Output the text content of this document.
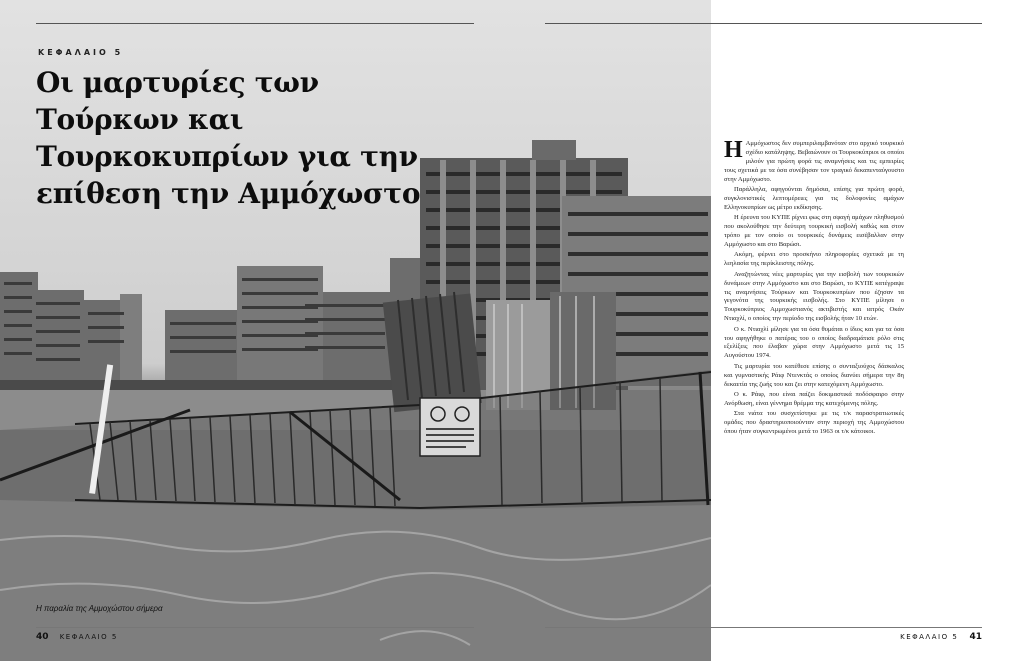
ΚΕΦΑΛΑΙΟ 5
Οι μαρτυρίες των Τούρκων και Τουρκοκυπρίων για την επίθεση την Αμμόχωστο
Η παραλία της Αμμοχώστου σήμερα
40 ΚΕΦΑΛΑΙΟ 5	ΚΕΦΑΛΑΙΟ 5 41

Η Αμμόχωστος δεν συμπεριλαμβανόταν στο αρχικό τουρκικό σχέδιο κατάληψης. Βεβαιώνουν οι Τουρκοκύπριοι οι οποίοι μιλούν για πρώτη φορά τις αναμνήσεις και τις εμπειρίες τους σχετικά με τα όσα συνέβησαν τον τραγικό δεκαπενταύγουστο στην Αμμόχωστο.

Παράλληλα, αφηγούνται δημόσια, επίσης για πρώτη φορά, συγκλονιστικές λεπτομέρειες για τις δολοφονίες αμάχων Ελληνοκυπρίων ως μέτρο εκδίκησης.

Η έρευνα του ΚΥΠΕ ρίχνει φως στη σφαγή αμάχων πληθυσμού που ακολούθησε την δεύτερη τουρκική εισβολή καθώς και στον τρόπο με τον οποίο οι τουρκικές δυνάμεις εισέβαλλαν στην Αμμόχωστο και στο Βαρώσι.

Ακόμη, φέρνει στο προσκήνιο πληροφορίες σχετικά με τη λεηλασία της περίκλειστης πόλης.

Αναζητώντας νέες μαρτυρίες για την εισβολή των τουρκικών δυνάμεων στην Αμμόχωστο και στο Βαρώσι, το ΚΥΠΕ κατέγραψε τις αναμνήσεις Τούρκων και Τουρκοκυπρίων που έζησαν τα γεγονότα της τουρκικής εισβολής. Στο ΚΥΠΕ μίλησε ο Τουρκοκύπριος Αμμοχωστιανός ακτιβιστής και ιατρός Οκάν Ντιαχλί, ο οποίος την περίοδο της εισβολής ήταν 10 ετών.

Ο κ. Ντιαχλί μίλησε για τα όσα θυμάται ο ίδιος και για τα όσα του αφηγήθηκε ο πατέρας του ο οποίος διαδραμάτισε ρόλο στις εξελίξεις που έλαβαν χώρα στην Αμμόχωστο μετά τις 15 Αυγούστου 1974.

Τις μαρτυρία του κατέθεσε επίσης ο συνταξιούχος δάσκαλος και γυμναστικής Ράιφ Ντενκτάς ο οποίος διανύει σήμερα την 8η δεκαετία της ζωής του και ζει στην κατεχόμενη Αμμόχωστο.

Ο κ. Ράιφ, που είναι παίζει δοκιμαστικά ποδόσφαιρο στην Ανόρθωση, είναι γέννημα θρέμμα της κατεχόμενης πόλης.

Στα νιάτα του συσχετίστηκε με τις τ/κ παραστρατιωτικές ομάδες που δραστηριοποιούνταν στην περιοχή της Αμμοχώστου όπου ήταν συγκεντρωμένοι μετά το 1963 οι τ/κ κάτοικοι.
